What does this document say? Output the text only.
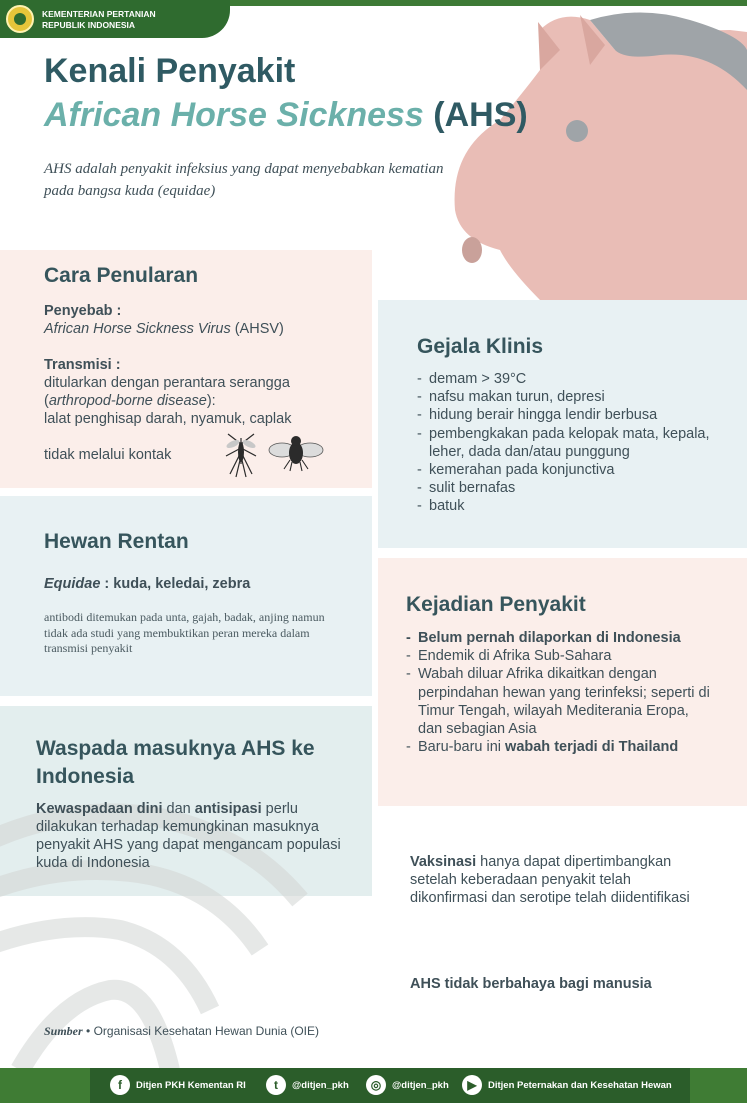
KEMENTERIAN PERTANIAN
REPUBLIK INDONESIA
Kenali Penyakit
African Horse Sickness (AHS)
AHS adalah penyakit infeksius yang dapat menyebabkan kematian pada bangsa kuda (equidae)
Cara Penularan
Penyebab :
African Horse Sickness Virus (AHSV)
Transmisi :
ditularkan dengan perantara serangga
(arthropod-borne disease):
lalat penghisap darah, nyamuk, caplak
tidak melalui kontak
Hewan Rentan
Equidae : kuda, keledai, zebra
antibodi ditemukan pada unta, gajah, badak, anjing namun tidak ada studi yang membuktikan peran mereka dalam transmisi penyakit
Waspada masuknya AHS ke Indonesia
Kewaspadaan dini dan antisipasi perlu dilakukan terhadap kemungkinan masuknya penyakit AHS yang dapat mengancam populasi kuda di Indonesia
Gejala Klinis
- demam > 39°C
- nafsu makan turun, depresi
- hidung berair hingga lendir berbusa
- pembengkakan pada kelopak mata, kepala, leher, dada dan/atau punggung
- kemerahan pada konjunctiva
- sulit bernafas
- batuk
Kejadian Penyakit
- Belum pernah dilaporkan di Indonesia
- Endemik di Afrika Sub-Sahara
- Wabah diluar Afrika dikaitkan dengan perpindahan hewan yang terinfeksi; seperti di Timur Tengah, wilayah Mediterania Eropa, dan sebagian Asia
- Baru-baru ini wabah terjadi di Thailand
Vaksinasi hanya dapat dipertimbangkan setelah keberadaan penyakit telah dikonfirmasi dan serotipe telah diidentifikasi
AHS tidak berbahaya bagi manusia
Sumber • Organisasi Kesehatan Hewan Dunia (OIE)
f	Ditjen PKH Kementan RI	t	@ditjen_pkh	◎	@ditjen_pkh	▶	Ditjen Peternakan dan Kesehatan Hewan
